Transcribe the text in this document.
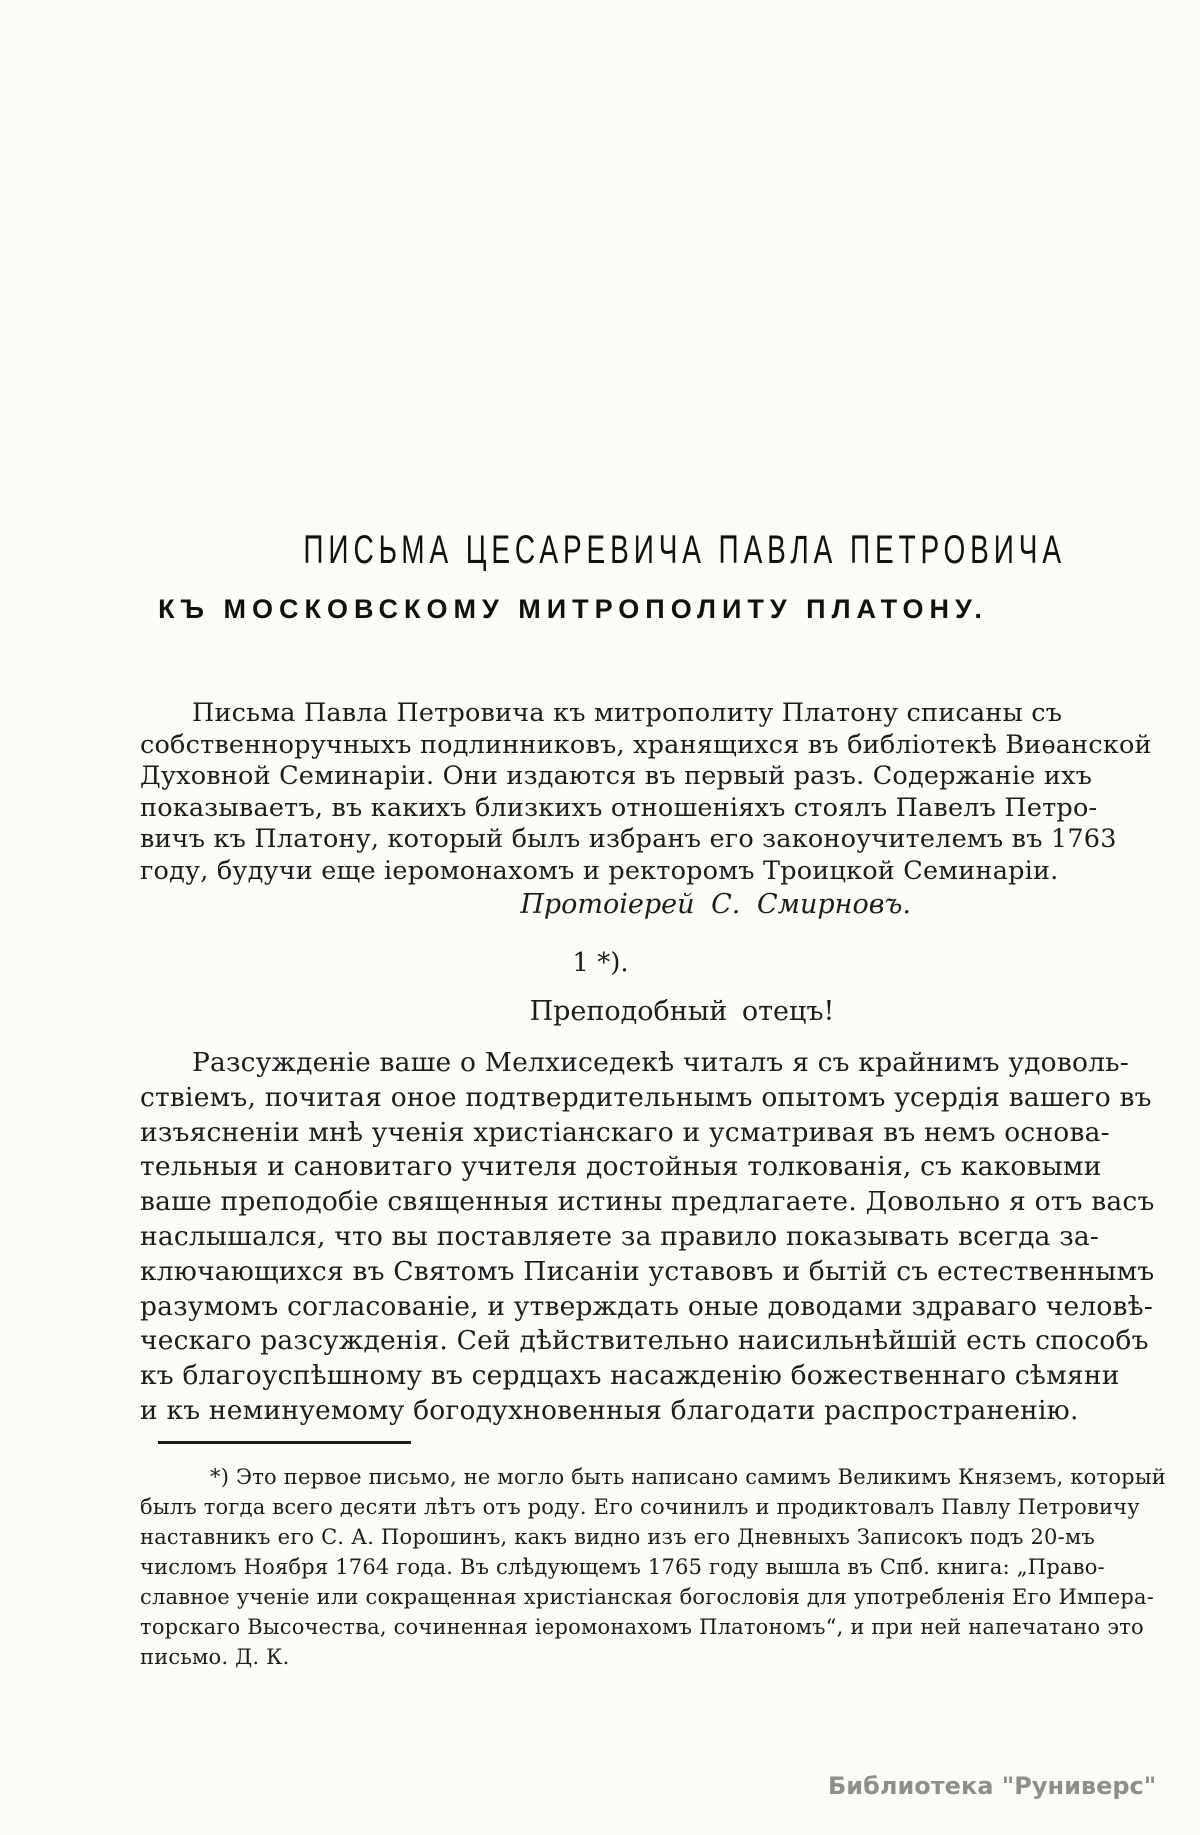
ПИСЬМА ЦЕСАРЕВИЧА ПАВЛА ПЕТРОВИЧА
КЪ МОСКОВСКОМУ МИТРОПОЛИТУ ПЛАТОНУ.
Письма Павла Петровича къ митрополиту Платону списаны съ
собственноручныхъ подлинниковъ, хранящихся въ библіотекѣ Виѳанской
Духовной Семинаріи. Они издаются въ первый разъ. Содержаніе ихъ
показываетъ, въ какихъ близкихъ отношеніяхъ стоялъ Павелъ Петро-
вичъ къ Платону, который былъ избранъ его законоучителемъ въ 1763
году, будучи еще іеромонахомъ и ректоромъ Троицкой Семинаріи.
Протоіерей С. Смирновъ.
1 *).
Преподобный отецъ!
Разсужденіе ваше о Мелхиседекѣ читалъ я съ крайнимъ удоволь-
ствіемъ, почитая оное подтвердительнымъ опытомъ усердія вашего въ
изъясненіи мнѣ ученія христіанскаго и усматривая въ немъ основа-
тельныя и сановитаго учителя достойныя толкованія, съ каковыми
ваше преподобіе священныя истины предлагаете. Довольно я отъ васъ
наслышался, что вы поставляете за правило показывать всегда за-
ключающихся въ Святомъ Писаніи уставовъ и бытій съ естественнымъ
разумомъ согласованіе, и утверждать оные доводами здраваго человѣ-
ческаго разсужденія. Сей дѣйствительно наисильнѣйшій есть способъ
къ благоуспѣшному въ сердцахъ насажденію божественнаго сѣмяни
и къ неминуемому богодухновенныя благодати распространенію.
*) Это первое письмо, не могло быть написано самимъ Великимъ Княземъ, который
былъ тогда всего десяти лѣтъ отъ роду. Его сочинилъ и продиктовалъ Павлу Петровичу
наставникъ его С. А. Порошинъ, какъ видно изъ его Дневныхъ Записокъ подъ 20-мъ
числомъ Ноября 1764 года. Въ слѣдующемъ 1765 году вышла въ Спб. книга: „Право-
славное ученіе или сокращенная христіанская богословія для употребленія Его Импера-
торскаго Высочества, сочиненная іеромонахомъ Платономъ“, и при ней напечатано это
письмо. Д. К.
Библиотека "Руниверс"
